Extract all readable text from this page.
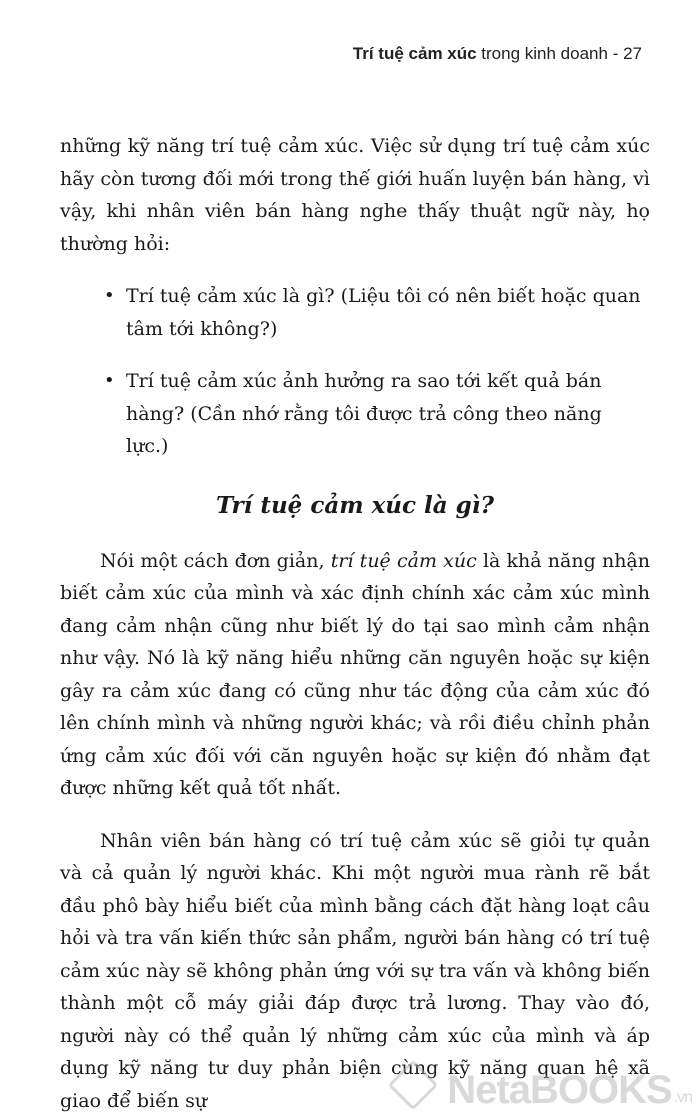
Trí tuệ cảm xúc trong kinh doanh - 27

những kỹ năng trí tuệ cảm xúc. Việc sử dụng trí tuệ cảm xúc hãy còn tương đối mới trong thế giới huấn luyện bán hàng, vì vậy, khi nhân viên bán hàng nghe thấy thuật ngữ này, họ thường hỏi:

• Trí tuệ cảm xúc là gì? (Liệu tôi có nên biết hoặc quan tâm tới không?)
• Trí tuệ cảm xúc ảnh hưởng ra sao tới kết quả bán hàng? (Cần nhớ rằng tôi được trả công theo năng lực.)
Trí tuệ cảm xúc là gì?

Nói một cách đơn giản, trí tuệ cảm xúc là khả năng nhận biết cảm xúc của mình và xác định chính xác cảm xúc mình đang cảm nhận cũng như biết lý do tại sao mình cảm nhận như vậy. Nó là kỹ năng hiểu những căn nguyên hoặc sự kiện gây ra cảm xúc đang có cũng như tác động của cảm xúc đó lên chính mình và những người khác; và rồi điều chỉnh phản ứng cảm xúc đối với căn nguyên hoặc sự kiện đó nhằm đạt được những kết quả tốt nhất.

Nhân viên bán hàng có trí tuệ cảm xúc sẽ giỏi tự quản và cả quản lý người khác. Khi một người mua rành rẽ bắt đầu phô bày hiểu biết của mình bằng cách đặt hàng loạt câu hỏi và tra vấn kiến thức sản phẩm, người bán hàng có trí tuệ cảm xúc này sẽ không phản ứng với sự tra vấn và không biến thành một cỗ máy giải đáp được trả lương. Thay vào đó, người này có thể quản lý những cảm xúc của mình và áp dụng kỹ năng tư duy phản biện cùng kỹ năng quan hệ xã giao để biến sự	NetaBOOKS .vn
